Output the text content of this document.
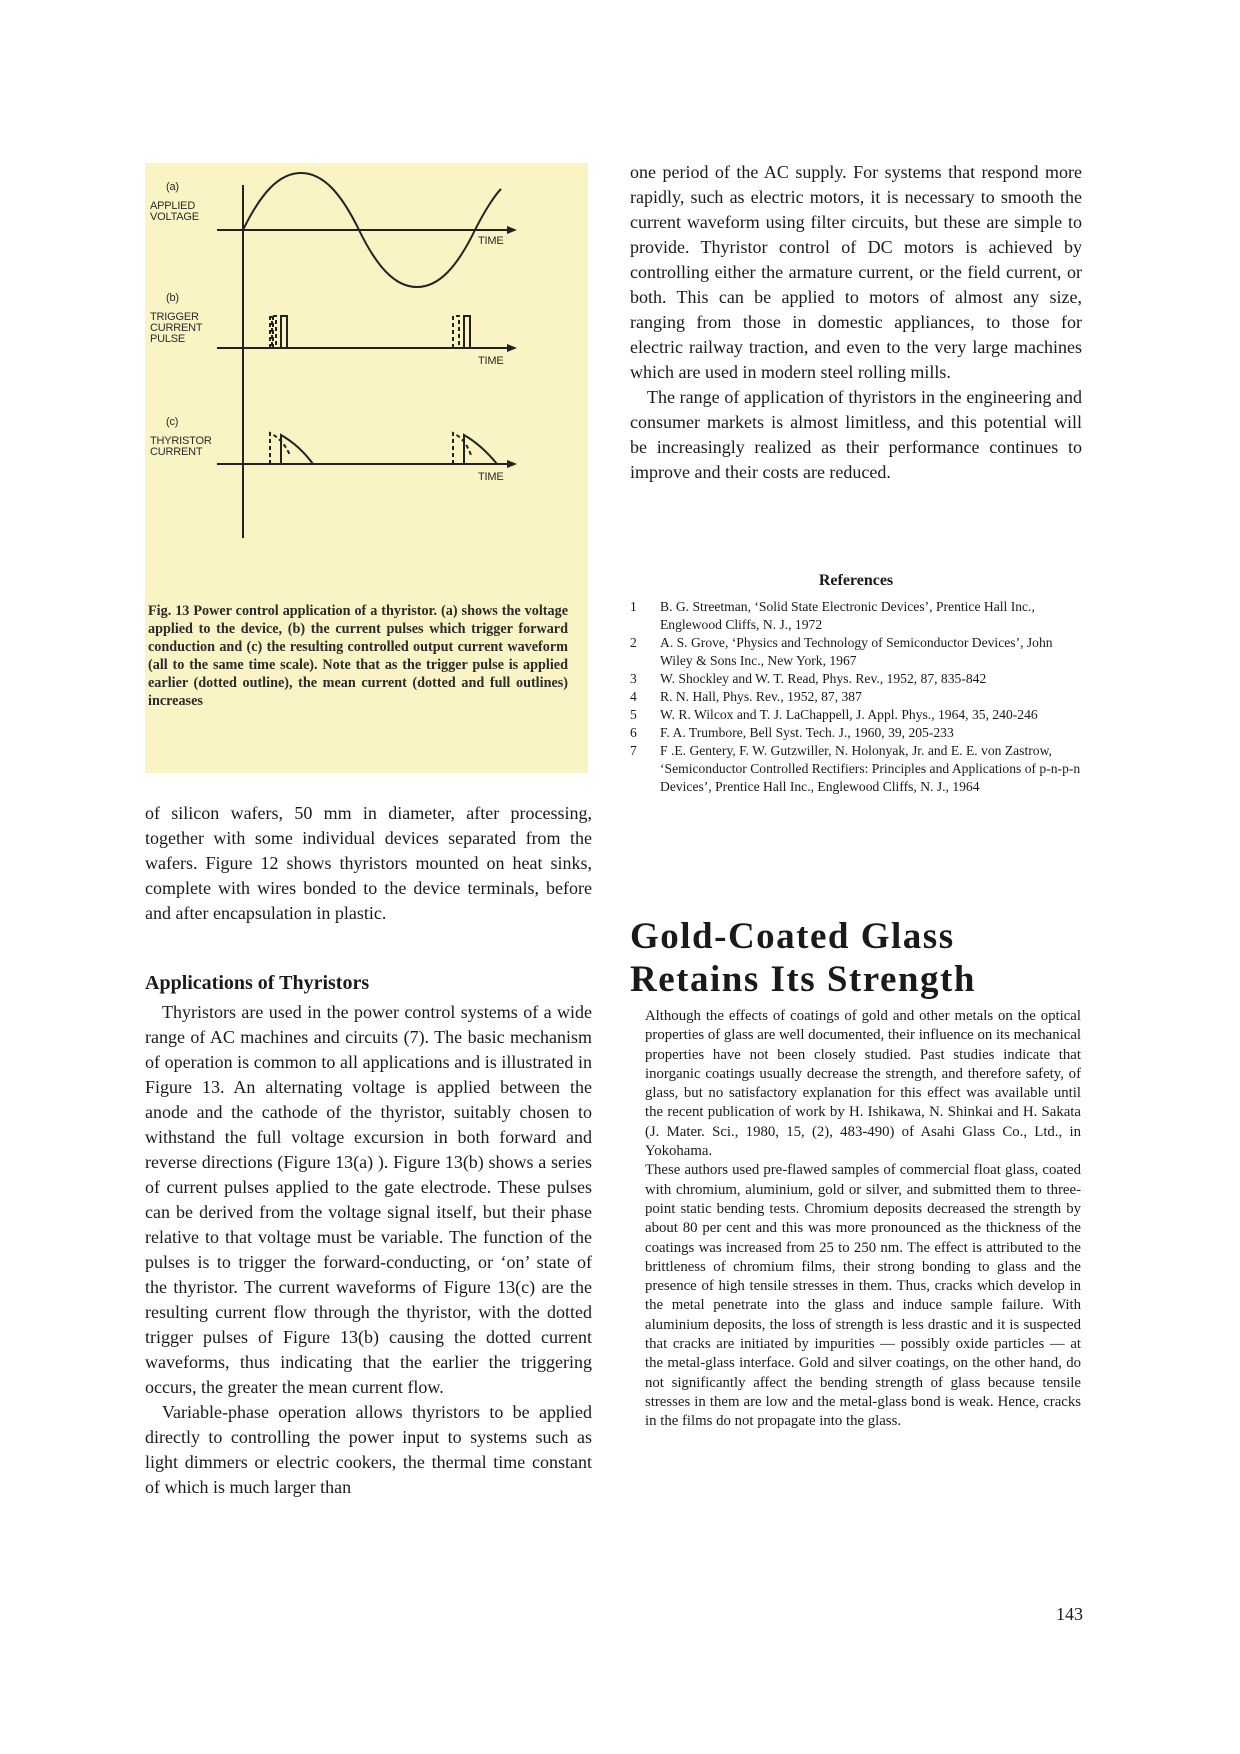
(a)
APPLIED
VOLTAGE
TIME
(b)
TRIGGER
CURRENT
PULSE
TIME
(c)
THYRISTOR
CURRENT
TIME
Fig. 13 Power control application of a thyristor. (a) shows the voltage applied to the device, (b) the current pulses which trigger forward conduction and (c) the resulting controlled output current waveform (all to the same time scale). Note that as the trigger pulse is applied earlier (dotted outline), the mean current (dotted and full outlines) increases
of silicon wafers, 50 mm in diameter, after processing, together with some individual devices separated from the wafers. Figure 12 shows thyristors mounted on heat sinks, complete with wires bonded to the device terminals, before and after encapsulation in plastic.
Applications of Thyristors

Thyristors are used in the power control systems of a wide range of AC machines and circuits (7). The basic mechanism of operation is common to all applications and is illustrated in Figure 13. An alternating voltage is applied between the anode and the cathode of the thyristor, suitably chosen to withstand the full voltage excursion in both forward and reverse directions (Figure 13(a) ). Figure 13(b) shows a series of current pulses applied to the gate electrode. These pulses can be derived from the voltage signal itself, but their phase relative to that voltage must be variable. The function of the pulses is to trigger the forward-conducting, or ‘on’ state of the thyristor. The current waveforms of Figure 13(c) are the resulting current flow through the thyristor, with the dotted trigger pulses of Figure 13(b) causing the dotted current waveforms, thus indicating that the earlier the triggering occurs, the greater the mean current flow.

Variable-phase operation allows thyristors to be applied directly to controlling the power input to systems such as light dimmers or electric cookers, the thermal time constant of which is much larger than

one period of the AC supply. For systems that respond more rapidly, such as electric motors, it is necessary to smooth the current waveform using filter circuits, but these are simple to provide. Thyristor control of DC motors is achieved by controlling either the armature current, or the field current, or both. This can be applied to motors of almost any size, ranging from those in domestic appliances, to those for electric railway traction, and even to the very large machines which are used in modern steel rolling mills.

The range of application of thyristors in the engineering and consumer markets is almost limitless, and this potential will be increasingly realized as their performance continues to improve and their costs are reduced.

References
1	B. G. Streetman, ‘Solid State Electronic Devices’, Prentice Hall Inc., Englewood Cliffs, N. J., 1972
2	A. S. Grove, ‘Physics and Technology of Semiconductor Devices’, John Wiley & Sons Inc., New York, 1967
3	W. Shockley and W. T. Read, Phys. Rev., 1952, 87, 835-842
4	R. N. Hall, Phys. Rev., 1952, 87, 387
5	W. R. Wilcox and T. J. LaChappell, J. Appl. Phys., 1964, 35, 240-246
6	F. A. Trumbore, Bell Syst. Tech. J., 1960, 39, 205-233
7	F .E. Gentery, F. W. Gutzwiller, N. Holonyak, Jr. and E. E. von Zastrow, ‘Semiconductor Controlled Rectifiers: Principles and Applications of p-n-p-n Devices’, Prentice Hall Inc., Englewood Cliffs, N. J., 1964
Gold-Coated Glass
Retains Its Strength

Although the effects of coatings of gold and other metals on the optical properties of glass are well documented, their influence on its mechanical properties have not been closely studied. Past studies indicate that inorganic coatings usually decrease the strength, and therefore safety, of glass, but no satisfactory explanation for this effect was available until the recent publication of work by H. Ishikawa, N. Shinkai and H. Sakata (J. Mater. Sci., 1980, 15, (2), 483-490) of Asahi Glass Co., Ltd., in Yokohama.

These authors used pre-flawed samples of commercial float glass, coated with chromium, aluminium, gold or silver, and submitted them to three-point static bending tests. Chromium deposits decreased the strength by about 80 per cent and this was more pronounced as the thickness of the coatings was increased from 25 to 250 nm. The effect is attributed to the brittleness of chromium films, their strong bonding to glass and the presence of high tensile stresses in them. Thus, cracks which develop in the metal penetrate into the glass and induce sample failure. With aluminium deposits, the loss of strength is less drastic and it is suspected that cracks are initiated by impurities — possibly oxide particles — at the metal-glass interface. Gold and silver coatings, on the other hand, do not significantly affect the bending strength of glass because tensile stresses in them are low and the metal-glass bond is weak. Hence, cracks in the films do not propagate into the glass.

143
